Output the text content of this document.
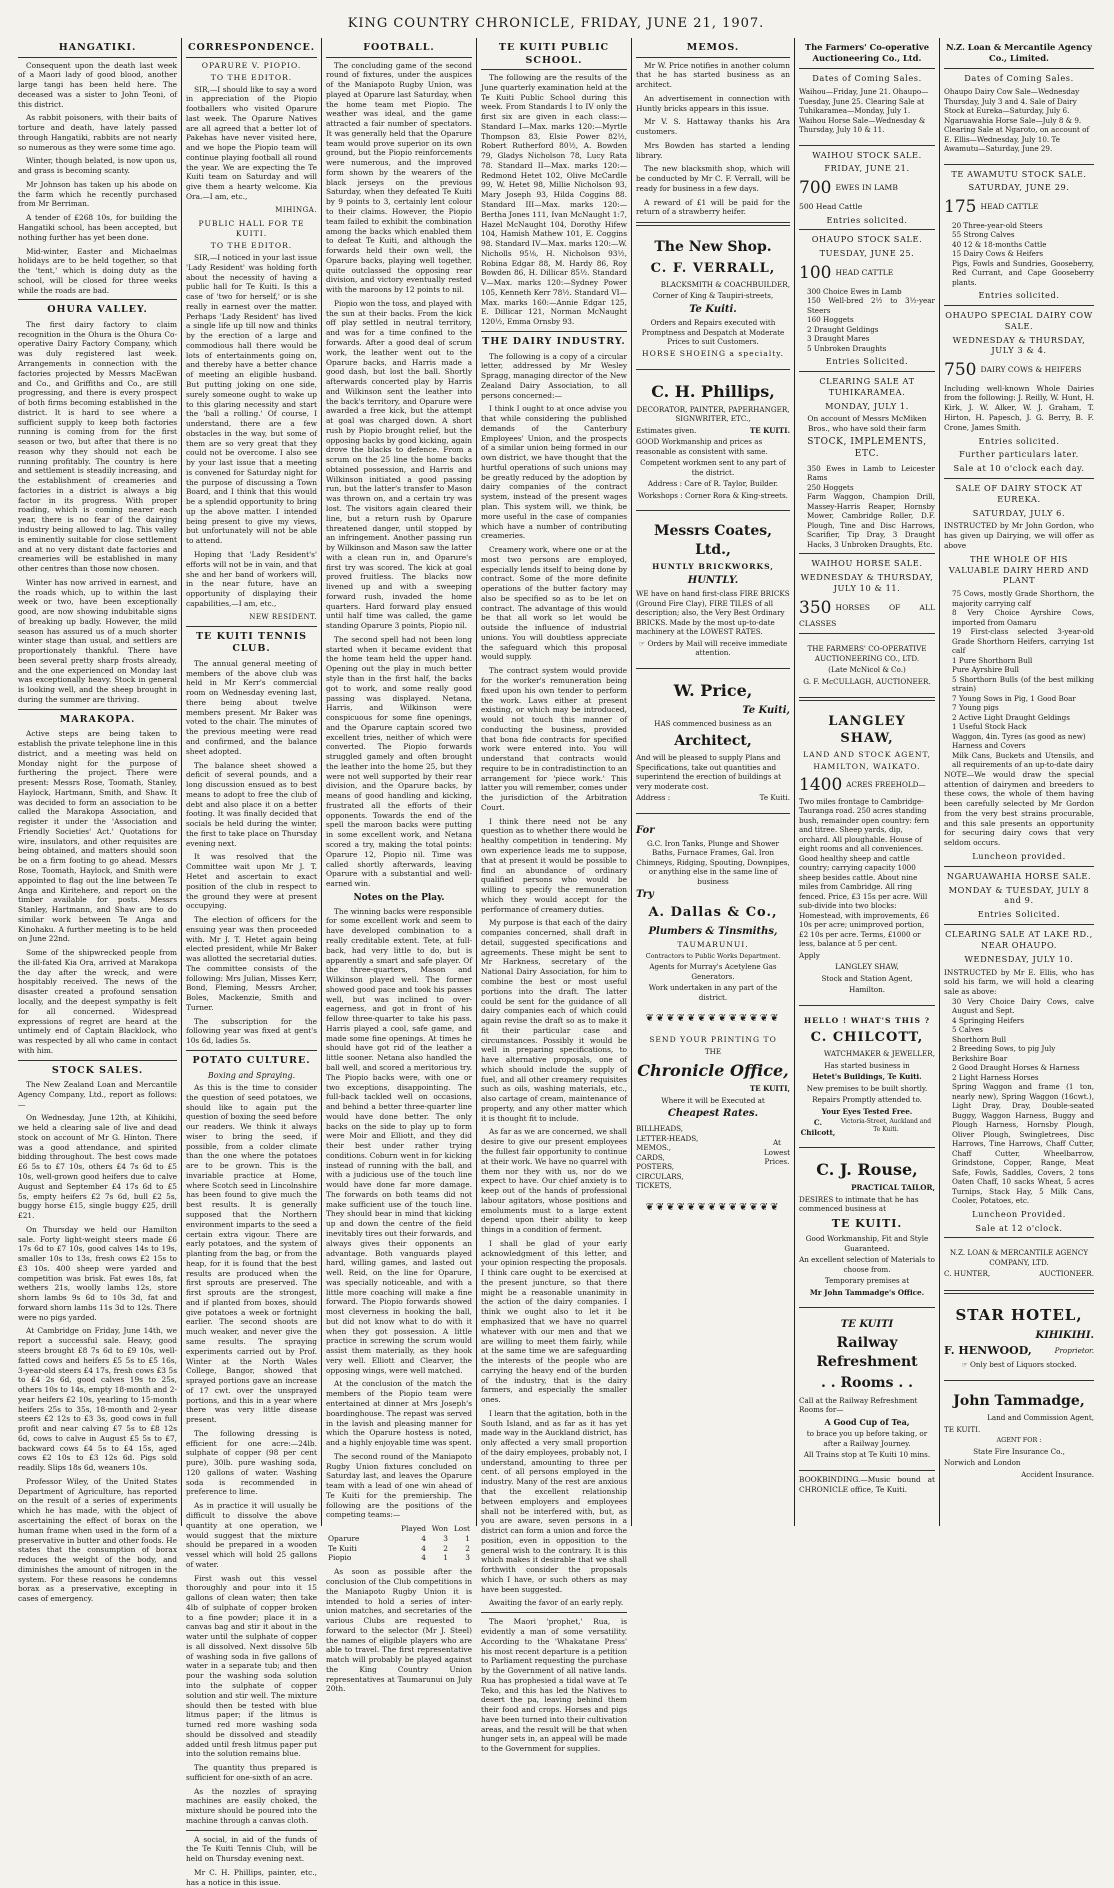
KING COUNTRY CHRONICLE, FRIDAY, JUNE 21, 1907.
HANGATIKI.

Consequent upon the death last week of a Maori lady of good blood, another large tangi has been held here. The deceased was a sister to John Teoni, of this district.

As rabbit poisoners, with their baits of torture and death, have lately passed through Hangatiki, rabbits are not nearly so numerous as they were some time ago.

Winter, though belated, is now upon us, and grass is becoming scanty.

Mr Johnson has taken up his abode on the farm which he recently purchased from Mr Berriman.

A tender of £268 10s, for building the Hangatiki school, has been accepted, but nothing further has yet been done.

Mid-winter, Easter and Michaelmas holidays are to be held together, so that the 'tent,' which is doing duty as the school, will be closed for three weeks while the roads are bad.

OHURA VALLEY.

The first dairy factory to claim recognition in the Ohura is the Ohura Co-operative Dairy Factory Company, which was duly registered last week. Arrangements in connection with the factories projected by Messrs MacEwan and Co., and Griffiths and Co., are still progressing, and there is every prospect of both firms becoming established in the district. It is hard to see where a sufficient supply to keep both factories running is coming from for the first season or two, but after that there is no reason why they should not each be running profitably. The country is here and settlement is steadily increasing, and the establishment of creameries and factories in a district is always a big factor in its progress. With proper roading, which is coming nearer each year, there is no fear of the dairying industry being allowed to lag. This valley is eminently suitable for close settlement and at no very distant date factories and creameries will be established in many other centres than those now chosen.

Winter has now arrived in earnest, and the roads which, up to within the last week or two, have been exceptionally good, are now showing indubitable signs of breaking up badly. However, the mild season has assured us of a much shorter winter stage than usual, and settlers are proportionately thankful. There have been several pretty sharp frosts already, and the one experienced on Monday last was exceptionally heavy. Stock in general is looking well, and the sheep brought in during the summer are thriving.

MARAKOPA.

Active steps are being taken to establish the private telephone line in this district, and a meeting was held on Monday night for the purpose of furthering the project. There were present: Messrs Rose, Toomath, Stanley, Haylock, Hartmann, Smith, and Shaw. It was decided to form an association to be called the Marakopa Association, and register it under the 'Association and Friendly Societies' Act.' Quotations for wire, insulators, and other requisites are being obtained, and matters should soon be on a firm footing to go ahead. Messrs Rose, Toomath, Haylock, and Smith were appointed to flag out the line between Te Anga and Kiritehere, and report on the timber available for posts. Messrs Stanley, Hartmann, and Shaw are to do similar work between Te Anga and Kinohaku. A further meeting is to be held on June 22nd.

Some of the shipwrecked people from the ill-fated Kia Ora, arrived at Marakopa the day after the wreck, and were hospitably received. The news of the disaster created a profound sensation locally, and the deepest sympathy is felt for all concerned. Widespread expressions of regret are heard at the untimely end of Captain Blacklock, who was respected by all who came in contact with him.

STOCK SALES.

The New Zealand Loan and Mercantile Agency Company, Ltd., report as follows:—

On Wednesday, June 12th, at Kihikihi, we held a clearing sale of live and dead stock on account of Mr G. Hinton. There was a good attendance, and spirited bidding throughout. The best cows made £6 5s to £7 10s, others £4 7s 6d to £5 10s, well-grown good heifers due to calve August and September £4 17s 6d to £5 5s, empty heifers £2 7s 6d, bull £2 5s, buggy horse £15, single buggy £25, drill £21.

On Thursday we held our Hamilton sale. Forty light-weight steers made £6 17s 6d to £7 10s, good calves 14s to 19s, smaller 10s to 13s, fresh cows £2 15s to £3 10s. 400 sheep were yarded and competition was brisk. Fat ewes 18s, fat wethers 21s, woolly lambs 12s, store shorn lambs 9s 6d to 10s 3d, fat and forward shorn lambs 11s 3d to 12s. There were no pigs yarded.

At Cambridge on Friday, June 14th, we report a successful sale. Heavy, good steers brought £8 7s 6d to £9 10s, well-fatted cows and heifers £5 5s to £5 16s, 3-year-old steers £4 17s, fresh cows £3 5s to £4 2s 6d, good calves 19s to 25s, others 10s to 14s, empty 18-month and 2-year heifers £2 10s, yearling to 15-month heifers 25s to 35s, 18-month and 2-year steers £2 12s to £3 3s, good cows in full profit and near calving £7 5s to £8 12s 6d, cows to calve in August £5 5s to £7, backward cows £4 5s to £4 15s, aged cows £2 10s to £3 12s 6d. Pigs sold readily. Slips 18s 6d, weaners 10s.

Professor Wiley, of the United States Department of Agriculture, has reported on the result of a series of experiments which he has made, with the object of ascertaining the effect of borax on the human frame when used in the form of a preservative in butter and other foods. He states that the consumption of borax reduces the weight of the body, and diminishes the amount of nitrogen in the system. For these reasons he condemns borax as a preservative, excepting in cases of emergency.

CORRESPONDENCE.
OPARURE V. PIOPIO.
TO THE EDITOR.

SIR,—I should like to say a word in appreciation of the Piopio footballers who visited Oparure last week. The Oparure Natives are all agreed that a better lot of Pakehas have never visited here, and we hope the Piopio team will continue playing football all round the year. We are expecting the Te Kuiti team on Saturday and will give them a hearty welcome. Kia Ora.—I am, etc.,

MIHINGA.
PUBLIC HALL FOR TE KUITI.
TO THE EDITOR.

SIR,—I noticed in your last issue 'Lady Resident' was holding forth about the necessity of having a public hall for Te Kuiti. Is this a case of 'two for herself,' or is she really in earnest over the matter. Perhaps 'Lady Resident' has lived a single life up till now and thinks by the erection of a large and commodious hall there would be lots of entertainments going on, and thereby have a better chance of meeting an eligible husband. But putting joking on one side, surely someone ought to wake up to this glaring necessity and start the 'ball a rolling.' Of course, I understand, there are a few obstacles in the way, but some of them are so very great that they could not be overcome. I also see by your last issue that a meeting is convened for Saturday night for the purpose of discussing a Town Board, and I think that this would be a splendid opportunity to bring up the above matter. I intended being present to give my views, but unfortunately will not be able to attend.

Hoping that 'Lady Resident's' efforts will not be in vain, and that she and her band of workers will, in the near future, have an opportunity of displaying their capabilities,—I am, etc.,

NEW RESIDENT.
TE KUITI TENNIS CLUB.

The annual general meeting of members of the above club was held in Mr Kerr's commercial room on Wednesday evening last, there being about twelve members present. Mr Baker was voted to the chair. The minutes of the previous meeting were read and confirmed, and the balance sheet adopted.

The balance sheet showed a deficit of several pounds, and a long discussion ensued as to best means to adopt to free the club of debt and also place it on a better footing. It was finally decided that socials be held during the winter, the first to take place on Thursday evening next.

It was resolved that the Committee wait upon Mr J. T. Hetet and ascertain to exact position of the club in respect to the ground they were at present occupying.

The election of officers for the ensuing year was then proceeded with. Mr J. T. Hetet again being elected president, while Mr Baker was allotted the secretarial duties. The committee consists of the following: Mrs Julian, Misses Kerr, Bond, Fleming, Messrs Archer, Boles, Mackenzie, Smith and Turner.

The subscription for the following year was fixed at gent's 10s 6d, ladies 5s.

POTATO CULTURE.
Boxing and Spraying.

As this is the time to consider the question of seed potatoes, we should like to again put the question of boxing the seed before our readers. We think it always wiser to bring the seed, if possible, from a colder climate than the one where the potatoes are to be grown. This is the invariable practice at Home, where Scotch seed in Lincolnshire has been found to give much the best results. It is generally supposed that the Northern environment imparts to the seed a certain extra vigour. There are early potatoes, and the system of planting from the bag, or from the heap, for it is found that the best results are produced when the first sprouts are preserved. The first sprouts are the strongest, and if planted from boxes, should give potatoes a week or fortnight earlier. The second shoots are much weaker, and never give the same results. The spraying experiments carried out by Prof. Winter at the North Wales College, Bangor, showed that sprayed portions gave an increase of 17 cwt. over the unsprayed portions, and this in a year where there was very little disease present.

The following dressing is efficient for one acre:—24lb. sulphate of copper (98 per cent pure), 30lb. pure washing soda, 120 gallons of water. Washing soda is recommended in preference to lime.

As in practice it will usually be difficult to dissolve the above quantity at one operation, we would suggest that the mixture should be prepared in a wooden vessel which will hold 25 gallons of water.

First wash out this vessel thoroughly and pour into it 15 gallons of clean water; then take 4lb of sulphate of copper broken to a fine powder; place it in a canvas bag and stir it about in the water until the sulphate of copper is all dissolved. Next dissolve 5lb of washing soda in five gallons of water in a separate tub; and then pour the washing soda solution into the sulphate of copper solution and stir well. The mixture should then be tested with blue litmus paper; if the litmus is turned red more washing soda should be dissolved and steadily added until fresh litmus paper put into the solution remains blue.

The quantity thus prepared is sufficient for one-sixth of an acre.

As the nozzles of spraying machines are easily choked, the mixture should be poured into the machine through a canvas cloth.

A social, in aid of the funds of the Te Kuiti Tennis Club, will be held on Thursday evening next.

Mr C. H. Phillips, painter, etc., has a notice in this issue.

FOOTBALL.

The concluding game of the second round of fixtures, under the auspices of the Maniapoto Rugby Union, was played at Oparure last Saturday, when the home team met Piopio. The weather was ideal, and the game attracted a fair number of spectators. It was generally held that the Oparure team would prove superior on its own ground, but the Piopio reinforcements were numerous, and the improved form shown by the wearers of the black jerseys on the previous Saturday, when they defeated Te Kuiti by 9 points to 3, certainly lent colour to their claims. However, the Piopio team failed to exhibit the combination among the backs which enabled them to defeat Te Kuiti, and although the forwards held their own well, the Oparure backs, playing well together, quite outclassed the opposing rear division, and victory eventually rested with the maroons by 12 points to nil.

Piopio won the toss, and played with the sun at their backs. From the kick off play settled in neutral territory, and was for a time confined to the forwards. After a good deal of scrum work, the leather went out to the Oparure backs, and Harris made a good dash, but lost the ball. Shortly afterwards concerted play by Harris and Wilkinson sent the leather into the back's territory, and Oparure were awarded a free kick, but the attempt at goal was charged down. A short rush by Piopio brought relief, but the opposing backs by good kicking, again drove the blacks to defence. From a scrum on the 25 line the home backs obtained possession, and Harris and Wilkinson initiated a good passing run, but the latter's transfer to Mason was thrown on, and a certain try was lost. The visitors again cleared their line, but a return rush by Oparure threatened danger, until stopped by an infringement. Another passing run by Wilkinson and Mason saw the latter with a clean run in, and Oparure's first try was scored. The kick at goal proved fruitless. The blacks now livened up and with a sweeping forward rush, invaded the home quarters. Hard forward play ensued until half time was called, the game standing Oparure 3 points, Piopio nil.

The second spell had not been long started when it became evident that the home team held the upper hand. Opening out the play in much better style than in the first half, the backs got to work, and some really good passing was displayed. Netana, Harris, and Wilkinson were conspicuous for some fine openings, and the Oparure captain scored two excellent tries, neither of which were converted. The Piopio forwards struggled gamely and often brought the leather into the home 25, but they were not well supported by their rear division, and the Oparure backs, by means of good handling and kicking, frustrated all the efforts of their opponents. Towards the end of the spell the maroon backs were putting in some excellent work, and Netana scored a try, making the total points: Oparure 12, Piopio nil. Time was called shortly afterwards, leaving Oparure with a substantial and well-earned win.

Notes on the Play.

The winning backs were responsible for some excellent work and seem to have developed combination to a really creditable extent. Tete, at full-back, had very little to do, but is apparently a smart and safe player. Of the three-quarters, Mason and Wilkinson played well. The former showed good pace and took his passes well, but was inclined to over-eagerness, and got in front of his fellow three-quarter to take his pass. Harris played a cool, safe game, and made some fine openings. At times he should have got rid of the leather a little sooner. Netana also handled the ball well, and scored a meritorious try. The Piopio backs were, with one or two exceptions, disappointing. The full-back tackled well on occasions, and behind a better three-quarter line would have done better. The only backs on the side to play up to form were Moir and Elliott, and they did their best under rather trying conditions. Coburn went in for kicking instead of running with the ball, and with a judicious use of the touch line would have done far more damage. The forwards on both teams did not make sufficient use of the touch line. They should bear in mind that kicking up and down the centre of the field inevitably tires out their forwards, and always gives their opponents an advantage. Both vanguards played hard, willing games, and lasted out well. Reid, on the line for Oparure, was specially noticeable, and with a little more coaching will make a fine forward. The Piopio forwards showed most cleverness in hooking the ball, but did not know what to do with it when they got possession. A little practice in screwing the scrum would assist them materially, as they hook very well. Elliott and Clearver, the opposing wings, were well matched.

At the conclusion of the match the members of the Piopio team were entertained at dinner at Mrs Joseph's boardinghouse. The repast was served in the lavish and pleasing manner for which the Oparure hostess is noted, and a highly enjoyable time was spent.

The second round of the Maniapoto Rugby Union fixtures concluded on Saturday last, and leaves the Oparure team with a lead of one win ahead of Te Kuiti for the premiership. The following are the positions of the competing teams:—

	Played	Won	Lost
Oparure	4	3	1
Te Kuiti	4	2	2
Piopio	4	1	3

As soon as possible after the conclusion of the Club competitions in the Maniapoto Rugby Union it is intended to hold a series of inter-union matches, and secretaries of the various Clubs are requested to forward to the selector (Mr J. Steel) the names of eligible players who are able to travel. The first representative match will probably be played against the King Country Union representatives at Taumarunui on July 20th.

TE KUITI PUBLIC SCHOOL.

The following are the results of the June quarterly examination held at the Te Kuiti Public School during this week. From Standards I to IV only the first six are given in each class:—Standard I—Max. marks 120:—Myrtle Thompson 83, Elsie Power 82½, Robert Rutherford 80½, A. Bowden 79, Gladys Nicholson 78, Lucy Rata 78. Standard II—Max. marks 120:—Redmond Hetet 102, Olive McCardle 99, W. Hetet 98, Millie Nicholson 93, Mary Joseph 93, Hilda Coggins 88. Standard III—Max. marks 120:—Bertha Jones 111, Ivan McNaught 1:7, Hazel McNaught 104, Dorothy Hifew 104, Hamish Mathew 101, E. Coggins 98. Standard IV—Max. marks 120:—W. Nicholls 95⅛, H. Nicholson 93½, Robina Edgar 88, M. Hardy 86, Roy Bowden 86, H. Dillicar 85½. Standard V—Max. marks 120:—Sydney Power 105, Kenneth Kerr 78½. Standard VI—Max. marks 160:—Annie Edgar 125, E. Dillicar 121, Norman McNaught 120½, Emma Ornsby 93.

THE DAIRY INDUSTRY.

The following is a copy of a circular letter, addressed by Mr Wesley Spragg, managing director of the New Zealand Dairy Association, to all persons concerned:—

I think I ought to at once advise you that while considering the published demands of the Canterbury Employees' Union, and the prospects of a similar union being formed in our own district, we have thought that the hurtful operations of such unions may be greatly reduced by the adoption by dairy companies of the contract system, instead of the present wages plan. This system will, we think, be more useful in the case of companies which have a number of contributing creameries.

Creamery work, where one or at the most two persons are employed, especially lends itself to being done by contract. Some of the more definite operations of the butter factory may also be specified so as to be let on contract. The advantage of this would be that all work so let would be outside the influence of industrial unions. You will doubtless appreciate the safeguard which this proposal would supply.

The contract system would provide for the worker's remuneration being fixed upon his own tender to perform the work. Laws either at present existing, or which may be introduced, would not touch this manner of conducting the business, provided that bona fide contracts for specified work were entered into. You will understand that contracts would require to be in contradistinction to an arrangement for 'piece work.' This latter you will remember, comes under the jurisdiction of the Arbitration Court.

I think there need not be any question as to whether there would be healthy competition in tendering. My own experience leads me to suppose, that at present it would be possible to find an abundance of ordinary qualified persons who would be willing to specify the remuneration which they would accept for the performance of creamery duties.

My purpose is that each of the dairy companies concerned, shall draft in detail, suggested specifications and agreements. These might be sent to Mr Harkness, secretary of the National Dairy Association, for him to combine the best or most useful portions into the draft. The latter could be sent for the guidance of all dairy companies each of which could again revise the draft so as to make it fit their particular case and circumstances. Possibly it would be well in preparing specifications, to have alternative proposals, one of which should include the supply of fuel, and all other creamery requisites such as oils, washing materials, etc., also cartage of cream, maintenance of property, and any other matter which it is thought fit to include.

As far as we are concerned, we shall desire to give our present employees the fullest fair opportunity to continue at their work. We have no quarrel with them nor they with us, nor do we expect to have. Our chief anxiety is to keep out of the hands of professional labour agitators, whose positions and emoluments must to a large extent depend upon their ability to keep things in a condition of ferment.

I shall be glad of your early acknowledgment of this letter, and your opinion respecting the proposals. I think care ought to be exercised at the present juncture, so that there might be a reasonable unanimity in the action of the dairy companies. I think we ought also to let it be emphasized that we have no quarrel whatever with our men and that we are willing to meet them fairly, while at the same time we are safeguarding the interests of the people who are carrying the heavy end of the burden of the industry, that is the dairy farmers, and especially the smaller ones.

I learn that the agitation, both in the South Island, and as far as it has yet made way in the Auckland district, has only affected a very small proportion of the dairy employees, probably not, I understand, amounting to three per cent. of all persons employed in the industry. Many of the rest are anxious that the excellent relationship between employers and employees shall not be interfered with, but, as you are aware, seven persons in a district can form a union and force the position, even in opposition to the general wish to the contrary. It is this which makes it desirable that we shall forthwith consider the proposals which I have, or such others as may have been suggested.

Awaiting the favor of an early reply.

The Maori 'prophet,' Rua, is evidently a man of some versatility. According to the 'Whakatane Press' his most recent departure is a petition to Parliament requesting the purchase by the Government of all native lands. Rua has prophesied a tidal wave at Te Teko, and this has led the Natives to desert the pa, leaving behind them their food and crops. Horses and pigs have been turned into their cultivation areas, and the result will be that when hunger sets in, an appeal will be made to the Government for supplies.

MEMOS.

Mr W. Price notifies in another column that he has started business as an architect.

An advertisement in connection with Huntly bricks appears in this issue.

Mr V. S. Hattaway thanks his Ara customers.

Mrs Bowden has started a lending library.

The new blacksmith shop, which will be conducted by Mr C. F. Verrall, will be ready for business in a few days.

A reward of £1 will be paid for the return of a strawberry heifer.

The New Shop.
C. F. VERRALL,
BLACKSMITH & COACHBUILDER,
Corner of King & Taupiri-streets,
Te Kuiti.
Orders and Repairs executed with Promptness and Despatch at Moderate Prices to suit Customers.
HORSE SHOEING a specialty.
C. H. Phillips,
DECORATOR, PAINTER, PAPERHANGER, SIGNWRITER, ETC.,
Estimates given.	TE KUITI.
GOOD Workmanship and prices as reasonable as consistent with same.
Competent workmen sent to any part of the district.
Address : Care of R. Taylor, Builder.
Workshops : Corner Rora & King-streets.
Messrs Coates, Ltd.,
HUNTLY BRICKWORKS,
HUNTLY.
WE have on hand first-class FIRE BRICKS (Ground Fire Clay), FIRE TILES of all description; also, the Very Best Ordinary BRICKS. Made by the most up-to-date machinery at the LOWEST RATES.
☞ Orders by Mail will receive immediate attention.
W. Price,
Te Kuiti,
HAS commenced business as an
Architect,
And will be pleased to supply Plans and Specifications, take out quantities and superintend the erection of buildings at very moderate cost.
Address :	Te Kuiti.
For
G.C. Iron Tanks, Plunge and Shower Baths, Furnace Frames, Gal. Iron Chimneys, Ridging, Spouting, Downpipes, or anything else in the same line of business
Try
A. Dallas & Co.,
Plumbers & Tinsmiths,
TAUMARUNUI.
Contractors to Public Works Department.
Agents for Murray's Acetylene Gas Generators.
Work undertaken in any part of the district.
❦❦❦❦❦❦❦❦❦❦❦❦❦
SEND YOUR PRINTING TO
THE
Chronicle Office,
TE KUITI,
Where it will be Executed at
Cheapest Rates.
BILLHEADS,
LETTER-HEADS,
MEMOS.,
CARDS,
POSTERS,
CIRCULARS,
TICKETS,
At
Lowest
Prices.
❦❦❦❦❦❦❦❦❦❦❦❦❦
The Farmers' Co-operative Auctioneering Co., Ltd.
Dates of Coming Sales.
Waihou—Friday, June 21. Ohaupo—Tuesday, June 25. Clearing Sale at Tuhikaramea—Monday, July 1. Waihou Horse Sale—Wednesday & Thursday, July 10 & 11.
WAIHOU STOCK SALE.
FRIDAY, JUNE 21.
700 EWES IN LAMB
500 Head Cattle
Entries solicited.
OHAUPO STOCK SALE.
TUESDAY, JUNE 25.
100 HEAD CATTLE
300 Choice Ewes in Lamb
150 Well-bred 2½ to 3½-year Steers
160 Hoggets
2 Draught Geldings
3 Draught Mares
5 Unbroken Draughts
Entries Solicited.
CLEARING SALE AT TUHIKARAMEA.
MONDAY, JULY 1.
On account of Messrs McMiken Bros., who have sold their farm
STOCK, IMPLEMENTS, ETC.
350 Ewes in Lamb to Leicester Rams
250 Hoggets
Farm Waggon, Champion Drill, Massey-Harris Reaper, Hornsby Mower, Cambridge Roller, D.F. Plough, Tine and Disc Harrows, Scarifier, Tip Dray, 3 Draught Hacks, 3 Unbroken Draughts, Etc.
WAIHOU HORSE SALE.
WEDNESDAY & THURSDAY, JULY 10 & 11.
350 HORSES OF ALL CLASSES
THE FARMERS' CO-OPERATIVE AUCTIONEERING CO., LTD.
(Late McNicol & Co.)
G. F. McCULLAGH, AUCTIONEER.
LANGLEY SHAW,
LAND AND STOCK AGENT,
HAMILTON, WAIKATO.
1400 ACRES FREEHOLD—Two miles frontage to Cambridge-Tauranga road. 250 acres standing bush, remainder open country: fern and titree. Sheep yards, dip, orchard. All ploughable. House of eight rooms and all conveniences. Good healthy sheep and cattle country; carrying capacity 1000 sheep besides cattle. About nine miles from Cambridge. All ring fenced. Price, £3 15s per acre. Will sub-divide into two blocks: Homestead, with improvements, £6 10s per acre; unimproved portion, £2 10s per acre. Terms, £1000 or less, balance at 5 per cent.
Apply
LANGLEY SHAW,
Stock and Station Agent,
Hamilton.
HELLO ! WHAT'S THIS ?
C. CHILCOTT,
WATCHMAKER & JEWELLER,
Has started business in
Hetet's Buildings, Te Kuiti.
New premises to be built shortly.
Repairs Promptly attended to.
Your Eyes Tested Free.
C. Chilcott,
Victoria-Street, Auckland and Te Kuiti.
C. J. Rouse,
PRACTICAL TAILOR,
DESIRES to intimate that he has commenced business at
TE KUITI.
Good Workmanship, Fit and Style Guaranteed.
An excellent selection of Materials to choose from.
Temporary premises at
Mr John Tammadge's Office.
TE KUITI
Railway Refreshment
. . Rooms . .
Call at the Railway Refreshment Rooms for—
A Good Cup of Tea,
to brace you up before taking, or after a Railway Journey.
All Trains stop at Te Kuiti 10 mins.
BOOKBINDING.—Music bound at CHRONICLE office, Te Kuiti.
N.Z. Loan & Mercantile Agency Co., Limited.
Dates of Coming Sales.
Ohaupo Dairy Cow Sale—Wednesday Thursday, July 3 and 4. Sale of Dairy Stock at Eureka—Saturday, July 6. Ngaruawahia Horse Sale—July 8 & 9. Clearing Sale at Ngaroto, on account of E. Ellis—Wednesday, July 10. Te Awamutu—Saturday, June 29.
TE AWAMUTU STOCK SALE.
SATURDAY, JUNE 29.
175 HEAD CATTLE
20 Three-year-old Steers
55 Strong Calves
40 12 & 18-months Cattle
15 Dairy Cows & Heifers
Pigs, Fowls and Sundries, Gooseberry, Red Currant, and Cape Gooseberry plants.
Entries solicited.
OHAUPO SPECIAL DAIRY COW SALE.
WEDNESDAY & THURSDAY, JULY 3 & 4.
750 DAIRY COWS & HEIFERS
Including well-known Whole Dairies from the following: J. Reilly, W. Hunt, H. Kirk, J. W. Alker, W. J. Graham, T. Hirton, H. Papesch, J. G. Berry, B. F. Crone, James Smith.
Entries solicited.
Further particulars later.
Sale at 10 o'clock each day.
SALE OF DAIRY STOCK AT EUREKA.
SATURDAY, JULY 6.
INSTRUCTED by Mr John Gordon, who has given up Dairying, we will offer as above
THE WHOLE OF HIS VALUABLE DAIRY HERD AND PLANT
75 Cows, mostly Grade Shorthorn, the majority carrying calf
8 Very Choice Ayrshire Cows, imported from Oamaru
19 First-class selected 3-year-old Grade Shorthorn Heifers, carrying 1st calf
1 Pure Shorthorn Bull
Pure Ayrshire Bull
5 Shorthorn Bulls (of the best milking strain)
7 Young Sows in Pig, 1 Good Boar
7 Young pigs
2 Active Light Draught Geldings
1 Useful Stock Hack
Waggon, 4in. Tyres (as good as new)
Harness and Covers
Milk Cans, Buckets and Utensils, and all requirements of an up-to-date dairy
NOTE—We would draw the special attention of dairymen and breeders to these cows, the whole of them having been carefully selected by Mr Gordon from the very best strains procurable, and this sale presents an opportunity for securing dairy cows that very seldom occurs.
Luncheon provided.
NGARUAWAHIA HORSE SALE.
MONDAY & TUESDAY, JULY 8 and 9.
Entries Solicited.
CLEARING SALE AT LAKE RD., NEAR OHAUPO.
WEDNESDAY, JULY 10.
INSTRUCTED by Mr E. Ellis, who has sold his farm, we will hold a clearing sale as above:
30 Very Choice Dairy Cows, calve August and Sept.
4 Springing Heifers
5 Calves
Shorthorn Bull
2 Breeding Sows, to pig July
Berkshire Boar
2 Good Draught Horses & Harness
2 Light Harness Horses
Spring Waggon and frame (1 ton, nearly new), Spring Waggon (16cwt.), Light Dray, Dray, Double-seated Buggy, Waggon Harness, Buggy and Plough Harness, Hornsby Plough, Oliver Plough, Swingletrees, Disc Harrows, Tine Harrows, Chaff Cutter, Chaff Cutter, Wheelbarrow, Grindstone, Copper, Range, Meat Safe, Fowls, Saddles, Covers, 2 tons Oaten Chaff, 10 sacks Wheat, 5 acres Turnips, Stack Hay, 5 Milk Cans, Cooler, Potatoes, etc.
Luncheon Provided.
Sale at 12 o'clock.
N.Z. LOAN & MERCANTILE AGENCY COMPANY, LTD.
C. HUNTER,	AUCTIONEER.
STAR HOTEL,
KIHIKIHI.
F. HENWOOD,	Proprietor.
☞ Only best of Liquors stocked.
John Tammadge,
Land and Commission Agent,
TE KUITI.
AGENT FOR :
State Fire Insurance Co.,
Norwich and London
Accident Insurance.
